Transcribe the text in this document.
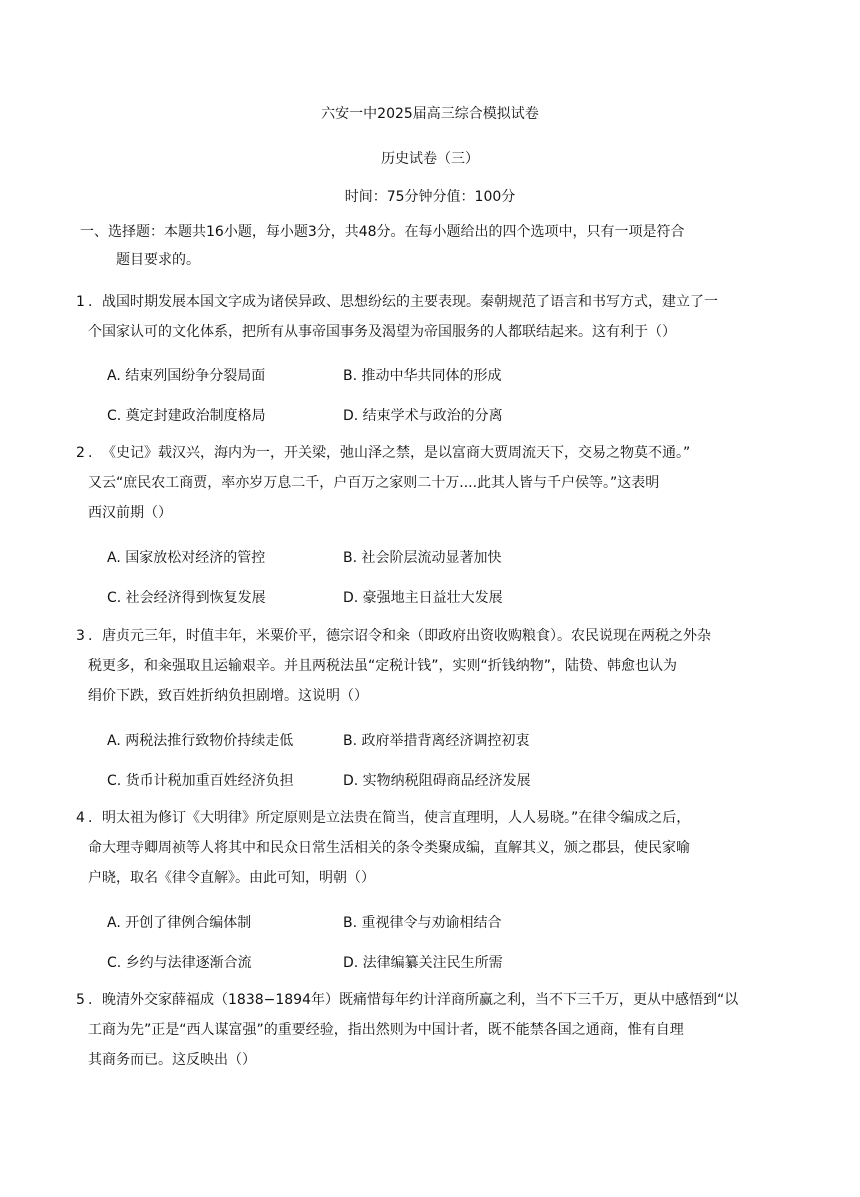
六安一中2025届高三综合模拟试卷
历史试卷（三）
时间：75分钟分值：100分
一、选择题：本题共16小题，每小题3分，共48分。在每小题给出的四个选项中，只有一项是符合
题目要求的。
1 . 战国时期发展本国文字成为诸侯异政、思想纷纭的主要表现。秦朝规范了语言和书写方式，建立了一
个国家认可的文化体系，把所有从事帝国事务及渴望为帝国服务的人都联结起来。这有利于（）
A. 结束列国纷争分裂局面	B. 推动中华共同体的形成
C. 奠定封建政治制度格局	D. 结束学术与政治的分离
2 . 《史记》载汉兴，海内为一，开关梁，弛山泽之禁，是以富商大贾周流天下，交易之物莫不通。”
又云“庶民农工商贾，率亦岁万息二千，户百万之家则二十万....此其人皆与千户侯等。”这表明
西汉前期（）
A. 国家放松对经济的管控	B. 社会阶层流动显著加快
C. 社会经济得到恢复发展	D. 豪强地主日益壮大发展
3 . 唐贞元三年，时值丰年，米粟价平，德宗诏令和籴（即政府出资收购粮食）。农民说现在两税之外杂
税更多，和籴强取且运输艰辛。并且两税法虽“定税计钱”，实则“折钱纳物”，陆贽、韩愈也认为
绢价下跌，致百姓折纳负担剧增。这说明（）
A. 两税法推行致物价持续走低	B. 政府举措背离经济调控初衷
C. 货币计税加重百姓经济负担	D. 实物纳税阻碍商品经济发展
4 . 明太祖为修订《大明律》所定原则是立法贵在简当，使言直理明，人人易晓。”在律令编成之后，
命大理寺卿周祯等人将其中和民众日常生活相关的条令类聚成编，直解其义，颁之郡县，使民家喻
户晓，取名《律令直解》。由此可知，明朝（）
A. 开创了律例合编体制	B. 重视律令与劝谕相结合
C. 乡约与法律逐渐合流	D. 法律编纂关注民生所需
5 . 晚清外交家薛福成（1838−1894年）既痛惜每年约计洋商所赢之利，当不下三千万，更从中感悟到“以
工商为先”正是“西人谋富强”的重要经验，指出然则为中国计者，既不能禁各国之通商，惟有自理
其商务而已。这反映出（）
